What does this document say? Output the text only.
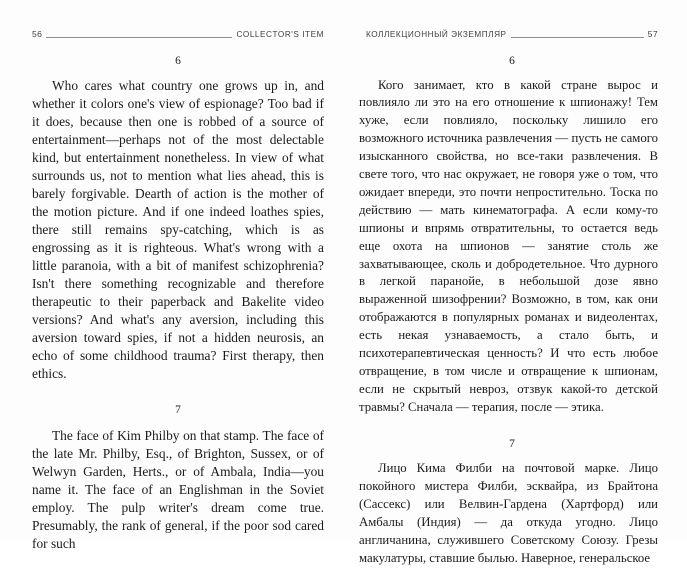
56	COLLECTOR'S ITEM
6

Who cares what country one grows up in, and whether it colors one's view of espionage? Too bad if it does, because then one is robbed of a source of entertainment—perhaps not of the most delectable kind, but entertainment nonetheless. In view of what surrounds us, not to mention what lies ahead, this is barely forgivable. Dearth of action is the mother of the motion picture. And if one indeed loathes spies, there still remains spy-catching, which is as engrossing as it is righteous. What's wrong with a little paranoia, with a bit of manifest schizophrenia? Isn't there something recognizable and therefore therapeutic to their paperback and Bakelite video versions? And what's any aversion, including this aversion toward spies, if not a hidden neurosis, an echo of some childhood trauma? First therapy, then ethics.

7

The face of Kim Philby on that stamp. The face of the late Mr. Philby, Esq., of Brighton, Sussex, or of Welwyn Garden, Herts., or of Ambala, India—you name it. The face of an Englishman in the Soviet employ. The pulp writer's dream come true. Presumably, the rank of general, if the poor sod cared for such

КОЛЛЕКЦИОННЫЙ ЭКЗЕМПЛЯР	57
6

Кого занимает, кто в какой стране вырос и повлияло ли это на его отношение к шпионажу! Тем хуже, если повлияло, поскольку лишило его возможного источника развлечения — пусть не самого изысканного свойства, но все-таки развлечения. В свете того, что нас окружает, не говоря уже о том, что ожидает впереди, это почти непростительно. Тоска по действию — мать кинематографа. А если кому-то шпионы и впрямь отвратительны, то остается ведь еще охота на шпионов — занятие столь же захватывающее, сколь и добродетельное. Что дурного в легкой паранойе, в небольшой дозе явно выраженной шизофрении? Возможно, в том, как они отображаются в популярных романах и видеолентах, есть некая узнаваемость, а стало быть, и психотерапевтическая ценность? И что есть любое отвращение, в том числе и отвращение к шпионам, если не скрытый невроз, отзвук какой-то детской травмы? Сначала — терапия, после — этика.

7

Лицо Кима Филби на почтовой марке. Лицо покойного мистера Филби, эсквайра, из Брайтона (Сассекс) или Велвин-Гардена (Хартфорд) или Амбалы (Индия) — да откуда угодно. Лицо англичанина, служившего Советскому Союзу. Грезы макулатуры, ставшие былью. Наверное, генеральское
